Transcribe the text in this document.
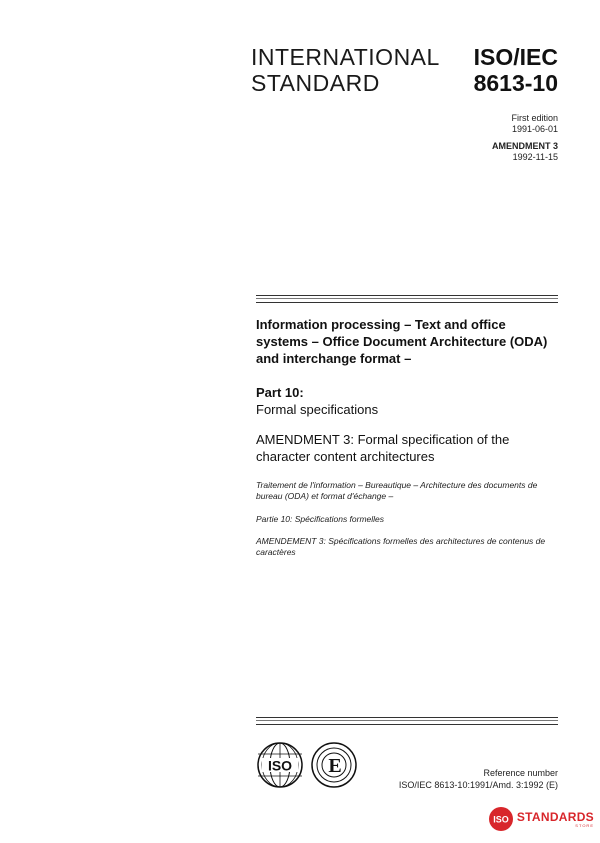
INTERNATIONAL
STANDARD
ISO/IEC
8613-10
First edition
1991-06-01
AMENDMENT 3
1992-11-15
Information processing – Text and office systems – Office Document Architecture (ODA) and interchange format –
Part 10:
Formal specifications
AMENDMENT 3: Formal specification of the character content architectures
Traitement de l'information – Bureautique – Architecture des documents de bureau (ODA) et format d'échange –
Partie 10: Spécifications formelles
AMENDEMENT 3: Spécifications formelles des architectures de contenus de caractères
ISO E	Reference number
ISO/IEC 8613-10:1991/Amd. 3:1992 (E)
ISO STANDARDS
STORE
